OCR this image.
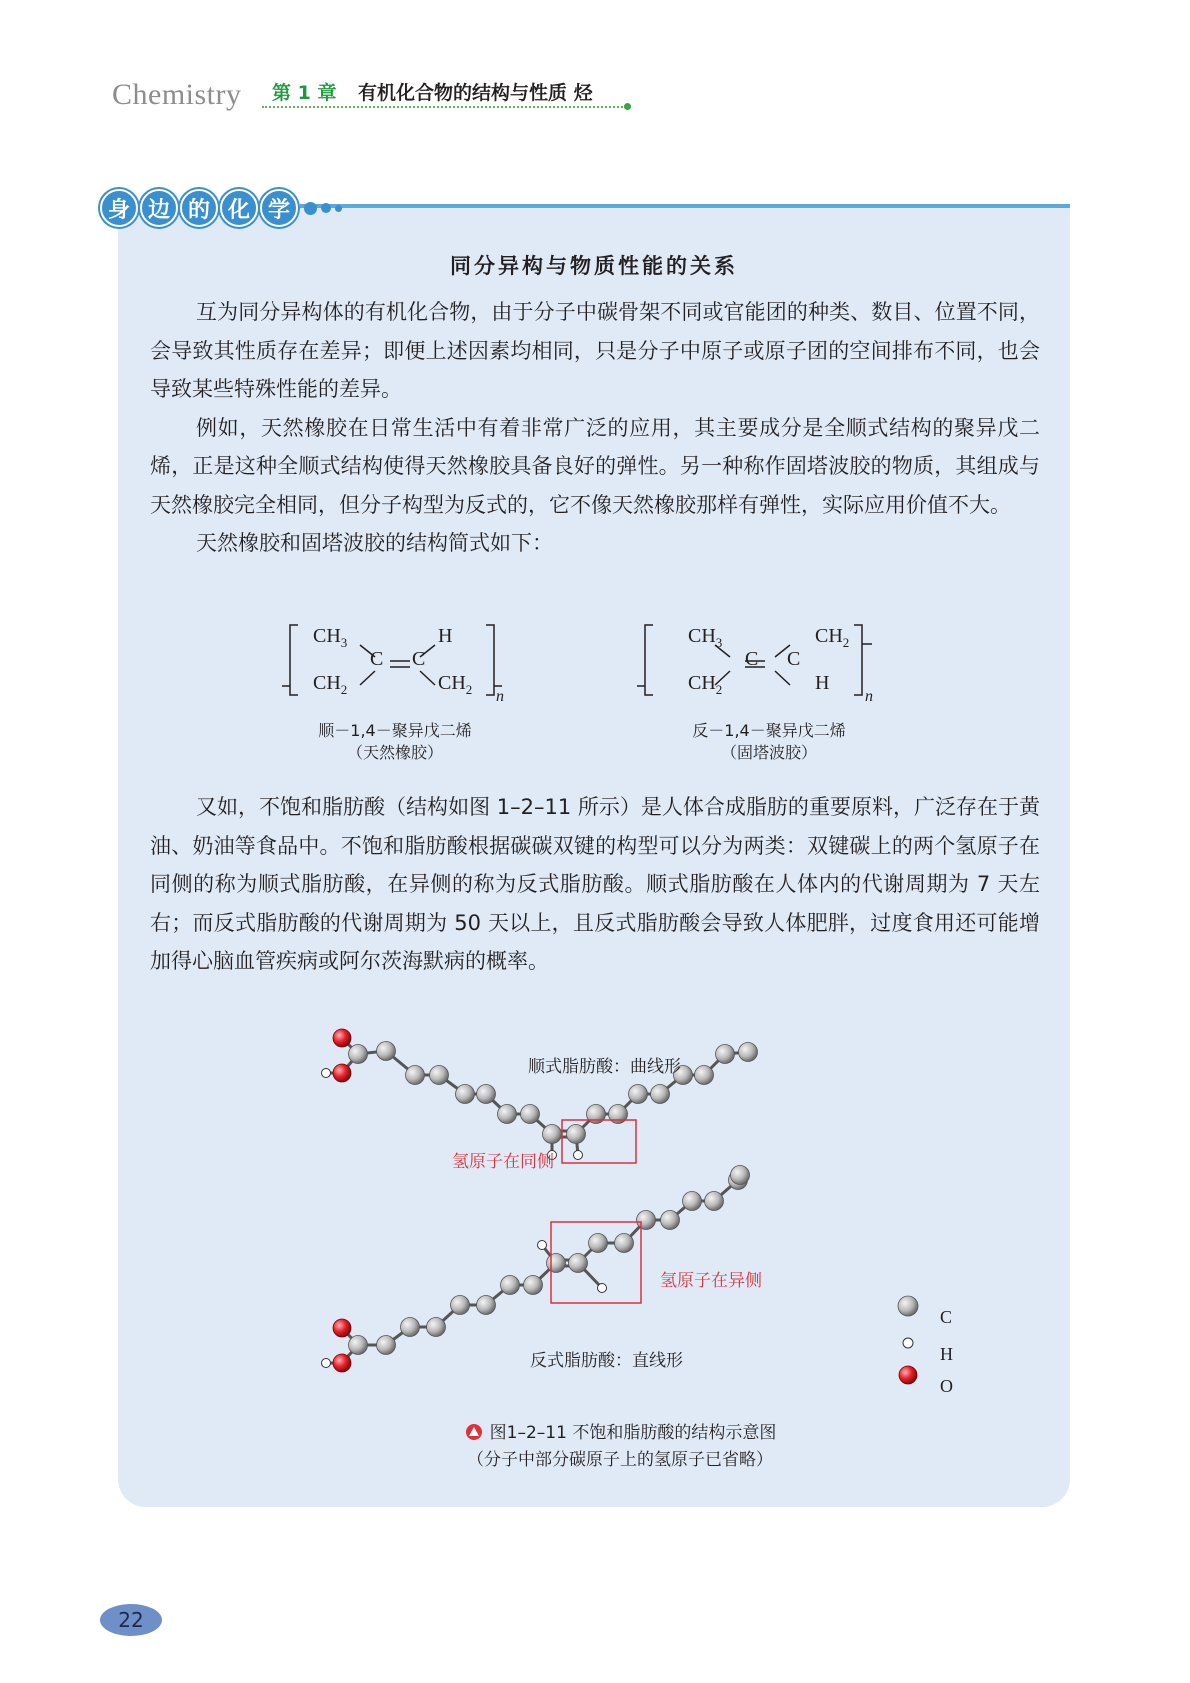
Chemistry 第 1 章 有机化合物的结构与性质 烃
身 边 的 化 学
同分异构与物质性能的关系

互为同分异构体的有机化合物，由于分子中碳骨架不同或官能团的种类、数目、位置不同，会导致其性质存在差异；即便上述因素均相同，只是分子中原子或原子团的空间排布不同，也会导致某些特殊性能的差异。

例如，天然橡胶在日常生活中有着非常广泛的应用，其主要成分是全顺式结构的聚异戊二烯，正是这种全顺式结构使得天然橡胶具备良好的弹性。另一种称作固塔波胶的物质，其组成与天然橡胶完全相同，但分子构型为反式的，它不像天然橡胶那样有弹性，实际应用价值不大。

天然橡胶和固塔波胶的结构简式如下：

$CH_3$
C C
H
$CH_2$	$CH_2$ n
$CH_3$
C C
$CH_2$
$CH_2$	H
n
顺－1,4－聚异戊二烯
（天然橡胶）
反－1,4－聚异戊二烯
（固塔波胶）

又如，不饱和脂肪酸（结构如图 1–2–11 所示）是人体合成脂肪的重要原料，广泛存在于黄油、奶油等食品中。不饱和脂肪酸根据碳碳双键的构型可以分为两类：双键碳上的两个氢原子在同侧的称为顺式脂肪酸，在异侧的称为反式脂肪酸。顺式脂肪酸在人体内的代谢周期为 7 天左右；而反式脂肪酸的代谢周期为 50 天以上，且反式脂肪酸会导致人体肥胖，过度食用还可能增加得心脑血管疾病或阿尔茨海默病的概率。

顺式脂肪酸：曲线形
反式脂肪酸：直线形
氢原子在同侧
氢原子在异侧
C
H
O
图1–2–11 不饱和脂肪酸的结构示意图
（分子中部分碳原子上的氢原子已省略）
22
